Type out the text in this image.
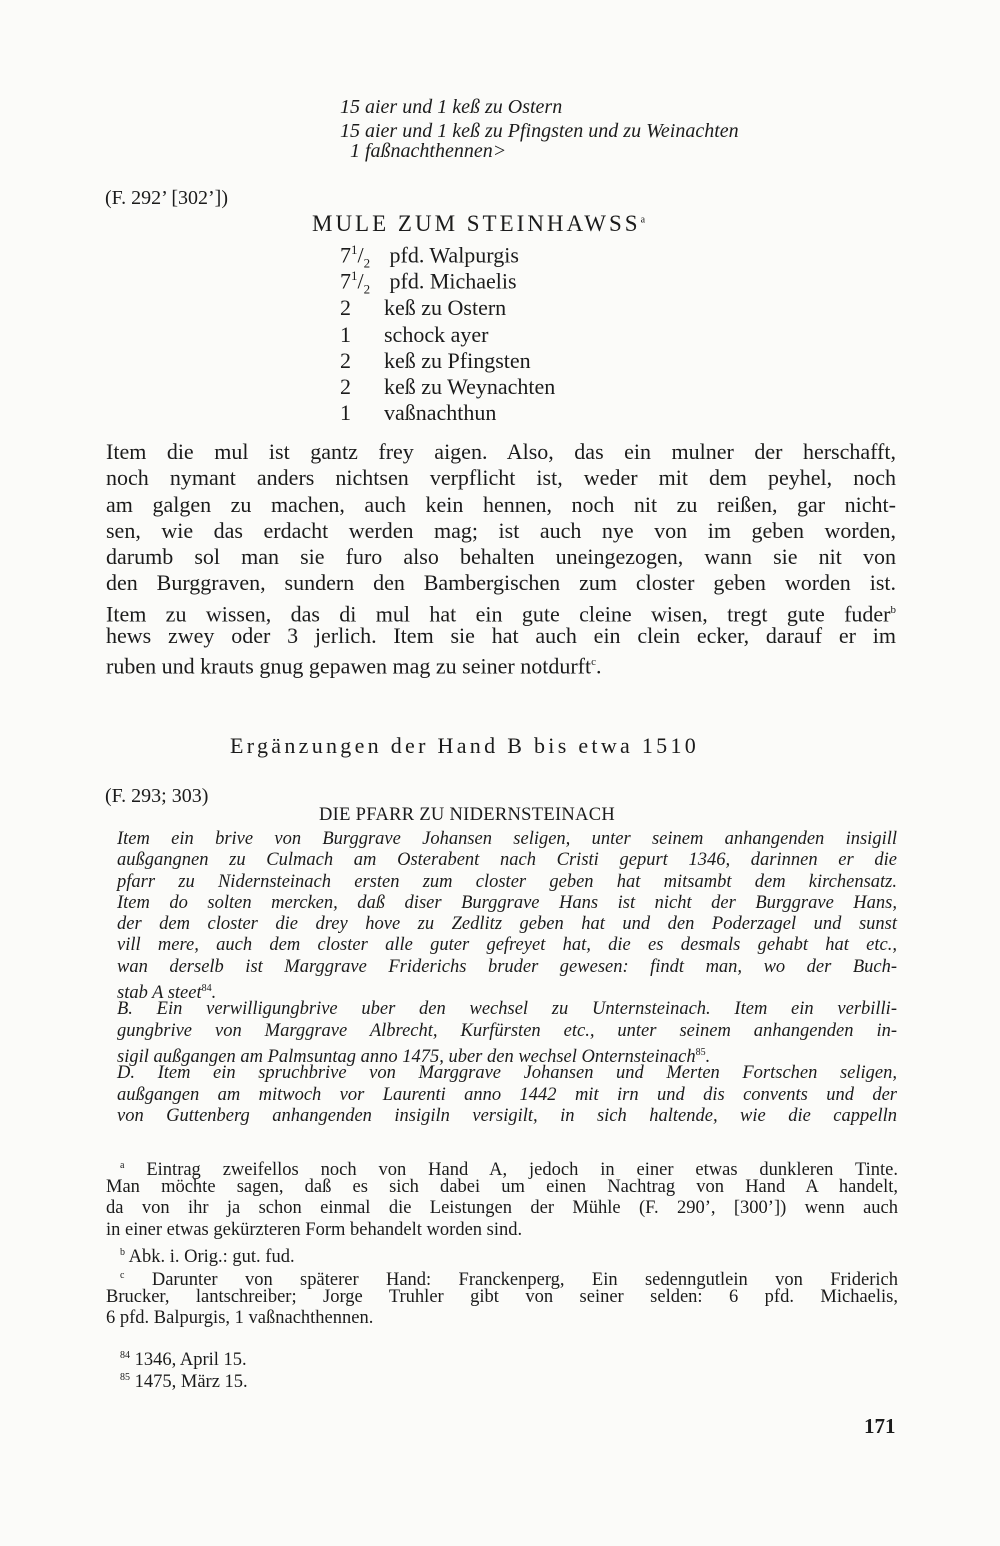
15 aier und 1 keß zu Ostern
15 aier und 1 keß zu Pfingsten und zu Weinachten
1 faßnachthennen>
(F. 292’ [302’])
MULE ZUM STEINHAWSS$^a$
$7^1/_2$ pfd. Walpurgis
$7^1/_2$ pfd. Michaelis
2 keß zu Ostern
1 schock ayer
2 keß zu Pfingsten
2 keß zu Weynachten
1 vaßnachthun
Item die mul ist gantz frey aigen. Also, das ein mulner der herschafft,
noch nymant anders nichtsen verpflicht ist, weder mit dem peyhel, noch
am galgen zu machen, auch kein hennen, noch nit zu reißen, gar nicht-
sen, wie das erdacht werden mag; ist auch nye von im geben worden,
darumb sol man sie furo also behalten uneingezogen, wann sie nit von
den Burggraven, sundern den Bambergischen zum closter geben worden ist.
Item zu wissen, das di mul hat ein gute cleine wisen, tregt gute fuder$^b$
hews zwey oder 3 jerlich. Item sie hat auch ein clein ecker, darauf er im
ruben und krauts gnug gepawen mag zu seiner notdurft$^c$.
Ergänzungen der Hand B bis etwa 1510
(F. 293; 303)
DIE PFARR ZU NIDERNSTEINACH
Item ein brive von Burggrave Johansen seligen, unter seinem anhangenden insigill
außgangnen zu Culmach am Osterabent nach Cristi gepurt 1346, darinnen er die
pfarr zu Nidernsteinach ersten zum closter geben hat mitsambt dem kirchensatz.
Item do solten mercken, daß diser Burggrave Hans ist nicht der Burggrave Hans,
der dem closter die drey hove zu Zedlitz geben hat und den Poderzagel und sunst
vill mere, auch dem closter alle guter gefreyet hat, die es desmals gehabt hat etc.,
wan derselb ist Marggrave Friderichs bruder gewesen: findt man, wo der Buch-
stab A steet$^{84}$.
B. Ein verwilligungbrive uber den wechsel zu Unternsteinach. Item ein verbilli-
gungbrive von Marggrave Albrecht, Kurfürsten etc., unter seinem anhangenden in-
sigil außgangen am Palmsuntag anno 1475, uber den wechsel Onternsteinach$^{85}$.
D. Item ein spruchbrive von Marggrave Johansen und Merten Fortschen seligen,
außgangen am mitwoch vor Laurenti anno 1442 mit irn und dis convents und der
von Guttenberg anhangenden insigiln versigilt, in sich haltende, wie die cappelln
$^a$ Eintrag zweifellos noch von Hand A, jedoch in einer etwas dunkleren Tinte.
Man möchte sagen, daß es sich dabei um einen Nachtrag von Hand A handelt,
da von ihr ja schon einmal die Leistungen der Mühle (F. 290’, [300’]) wenn auch
in einer etwas gekürzteren Form behandelt worden sind.
$^b$ Abk. i. Orig.: gut. fud.
$^c$ Darunter von späterer Hand: Franckenperg, Ein sedenngutlein von Friderich
Brucker, lantschreiber; Jorge Truhler gibt von seiner selden: 6 pfd. Michaelis,
6 pfd. Balpurgis, 1 vaßnachthennen.
$^{84}$ 1346, April 15.
$^{85}$ 1475, März 15.
171
